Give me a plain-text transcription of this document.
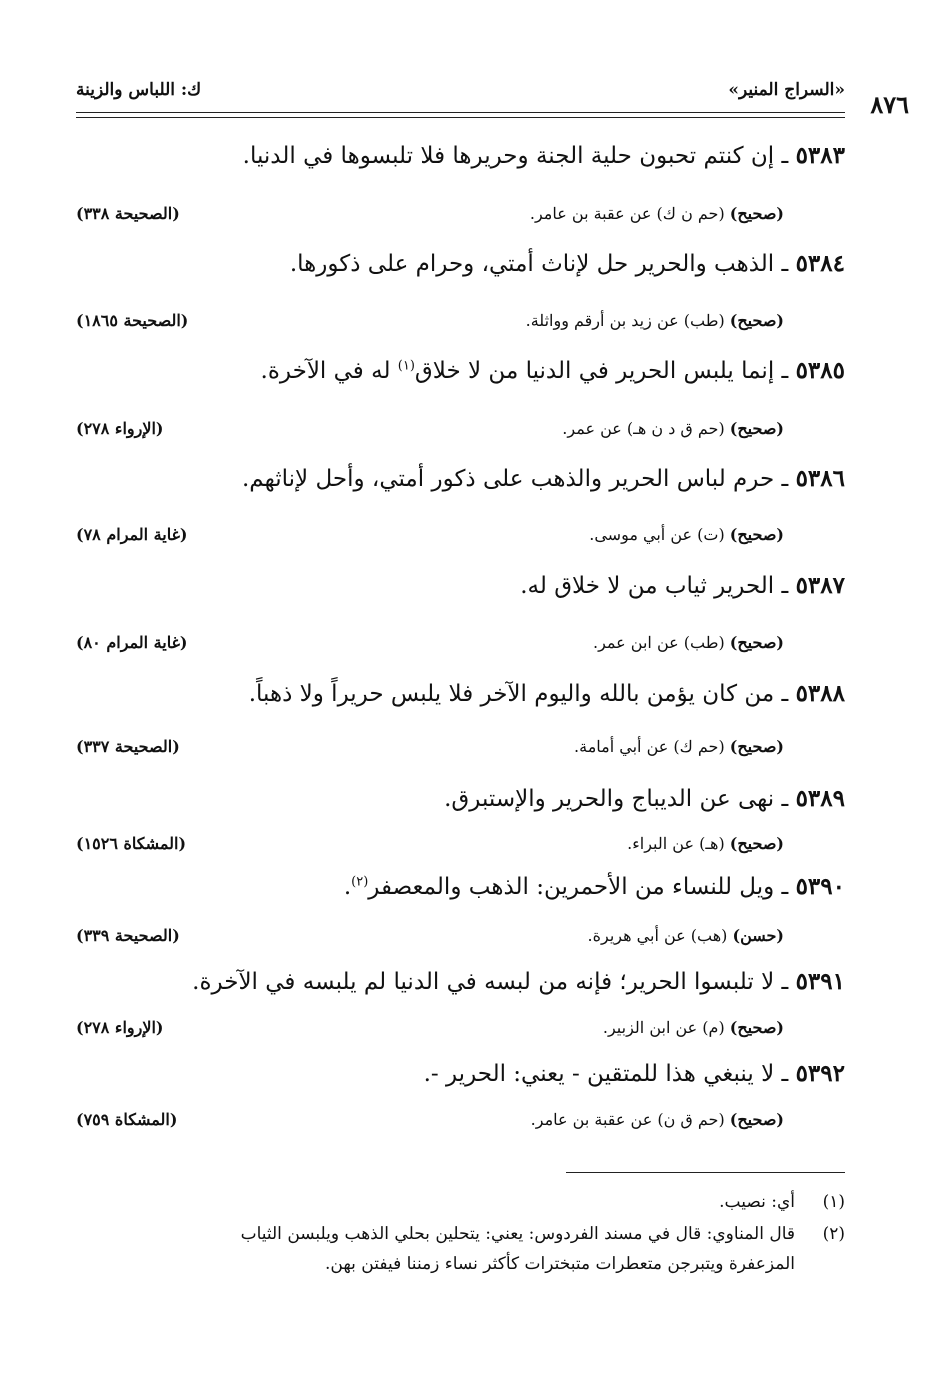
٨٧٦
«السراج المنير»
ك: اللباس والزينة
٥٣٨٣ ـ إن كنتم تحبون حلية الجنة وحريرها فلا تلبسوها في الدنيا.
(صحيح) (حم ن ك) عن عقبة بن عامر.
(الصحيحة ٣٣٨)
٥٣٨٤ ـ الذهب والحرير حل لإناث أمتي، وحرام على ذكورها.
(صحيح) (طب) عن زيد بن أرقم وواثلة.
(الصحيحة ١٨٦٥)
٥٣٨٥ ـ إنما يلبس الحرير في الدنيا من لا خلاق$^{(١)}$ له في الآخرة.
(صحيح) (حم ق د ن هـ) عن عمر.
(الإرواء ٢٧٨)
٥٣٨٦ ـ حرم لباس الحرير والذهب على ذكور أمتي، وأحل لإناثهم.
(صحيح) (ت) عن أبي موسى.
(غاية المرام ٧٨)
٥٣٨٧ ـ الحرير ثياب من لا خلاق له.
(صحيح) (طب) عن ابن عمر.
(غاية المرام ٨٠)
٥٣٨٨ ـ من كان يؤمن بالله واليوم الآخر فلا يلبس حريراً ولا ذهباً.
(صحيح) (حم ك) عن أبي أمامة.
(الصحيحة ٣٣٧)
٥٣٨٩ ـ نهى عن الديباج والحرير والإستبرق.
(صحيح) (هـ) عن البراء.
(المشكاة ١٥٢٦)
٥٣٩٠ ـ ويل للنساء من الأحمرين: الذهب والمعصفر$^{(٢)}$.
(حسن) (هب) عن أبي هريرة.
(الصحيحة ٣٣٩)
٥٣٩١ ـ لا تلبسوا الحرير؛ فإنه من لبسه في الدنيا لم يلبسه في الآخرة.
(صحيح) (م) عن ابن الزبير.
(الإرواء ٢٧٨)
٥٣٩٢ ـ لا ينبغي هذا للمتقين - يعني: الحرير -.
(صحيح) (حم ق ن) عن عقبة بن عامر.
(المشكاة ٧٥٩)
(١)أي: نصيب.
(٢)قال المناوي: قال في مسند الفردوس: يعني: يتحلين بحلي الذهب ويلبسن الثياب
المزعفرة ويتبرجن متعطرات متبخترات كأكثر نساء زمننا فيفتن بهن.
